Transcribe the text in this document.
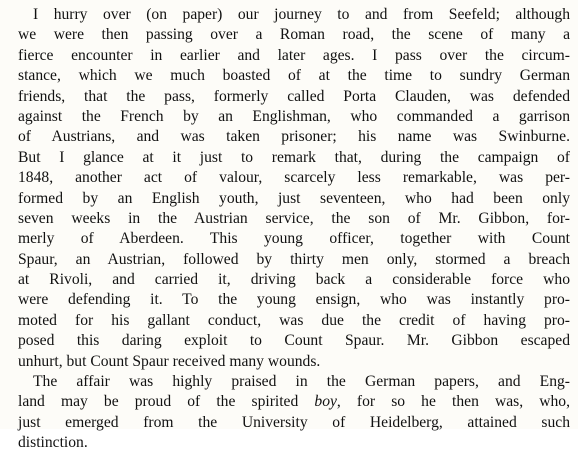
I hurry over (on paper) our journey to and from Seefeld; although
we were then passing over a Roman road, the scene of many a
fierce encounter in earlier and later ages. I pass over the circum-
stance, which we much boasted of at the time to sundry German
friends, that the pass, formerly called Porta Clauden, was defended
against the French by an Englishman, who commanded a garrison
of Austrians, and was taken prisoner; his name was Swinburne.
But I glance at it just to remark that, during the campaign of
1848, another act of valour, scarcely less remarkable, was per-
formed by an English youth, just seventeen, who had been only
seven weeks in the Austrian service, the son of Mr. Gibbon, for-
merly of Aberdeen. This young officer, together with Count
Spaur, an Austrian, followed by thirty men only, stormed a breach
at Rivoli, and carried it, driving back a considerable force who
were defending it. To the young ensign, who was instantly pro-
moted for his gallant conduct, was due the credit of having pro-
posed this daring exploit to Count Spaur. Mr. Gibbon escaped
unhurt, but Count Spaur received many wounds.
The affair was highly praised in the German papers, and Eng-
land may be proud of the spirited boy, for so he then was, who,
just emerged from the University of Heidelberg, attained such
distinction.
